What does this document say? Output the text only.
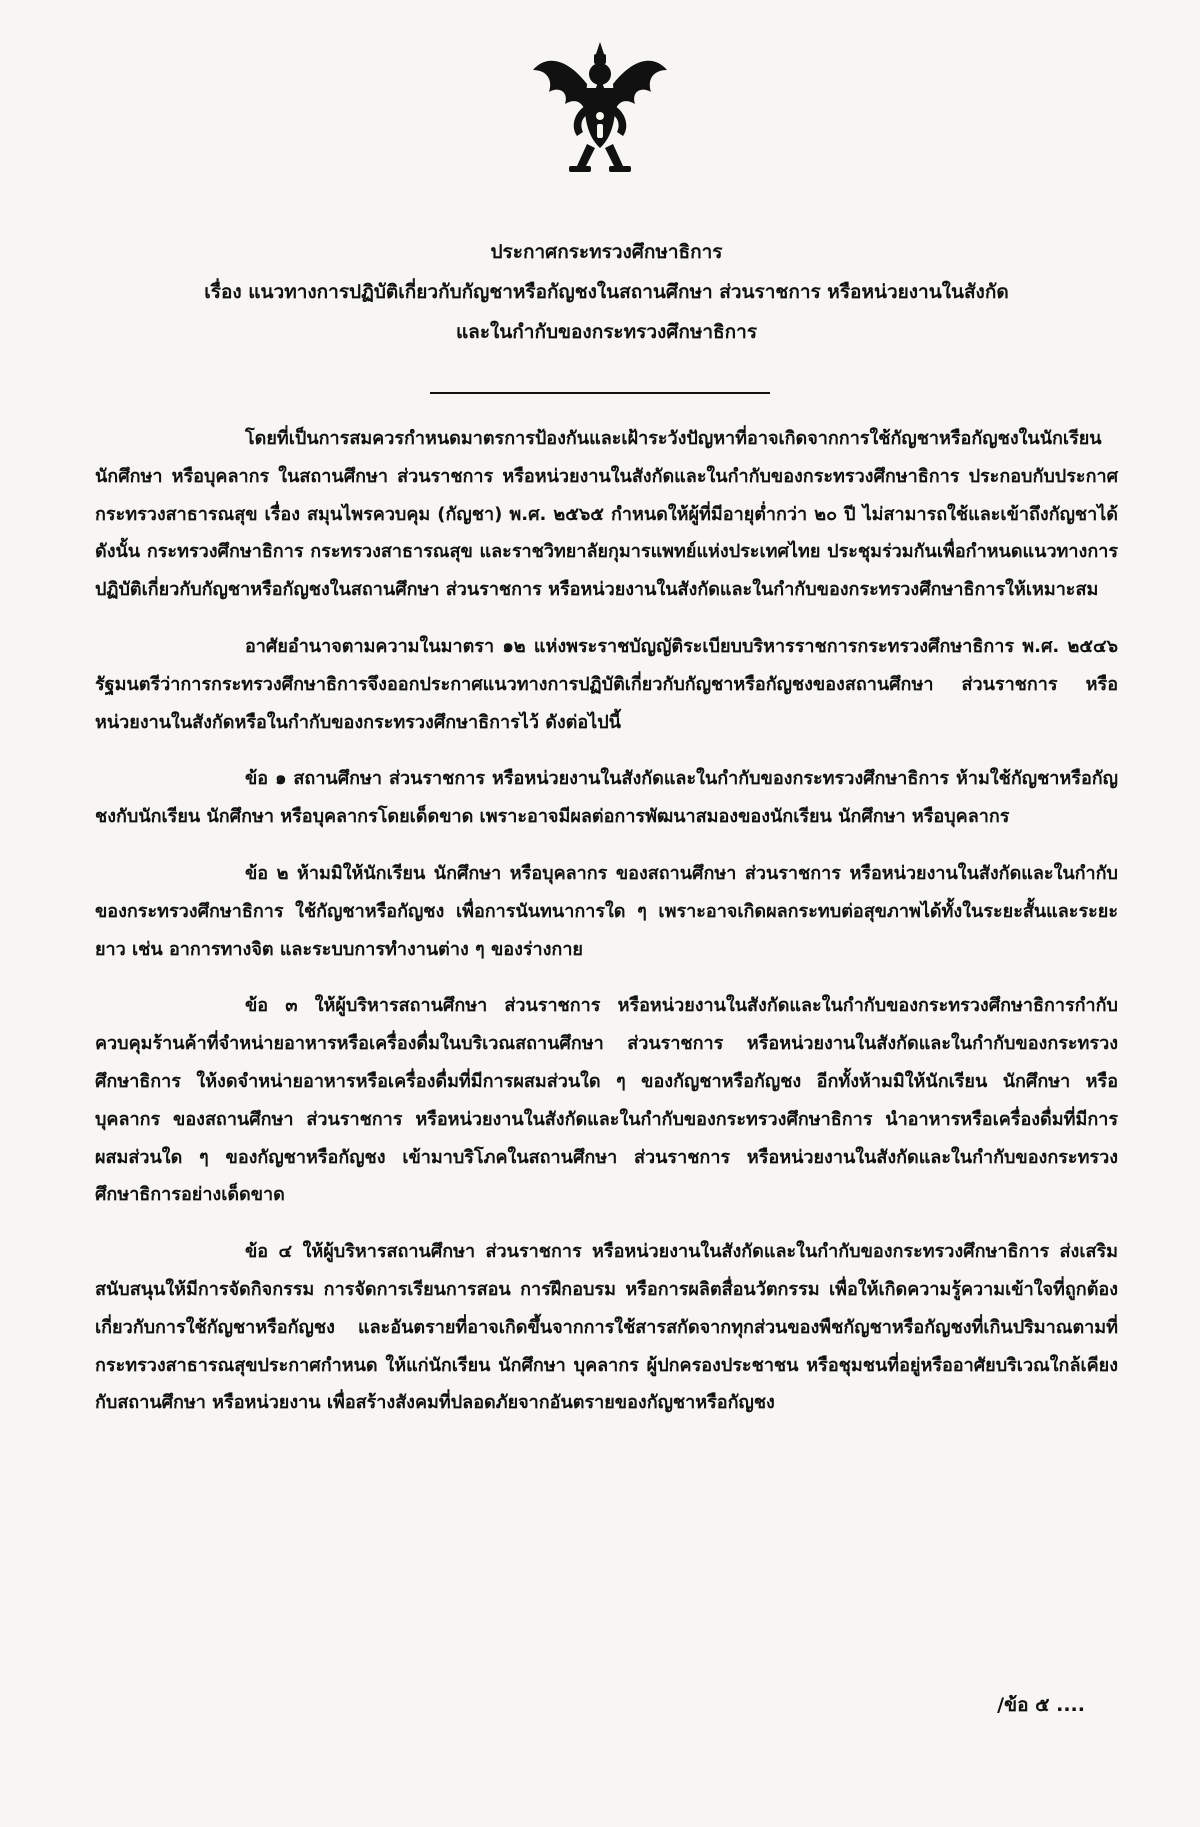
ประกาศกระทรวงศึกษาธิการ
เรื่อง แนวทางการปฏิบัติเกี่ยวกับกัญชาหรือกัญชงในสถานศึกษา ส่วนราชการ หรือหน่วยงานในสังกัด
และในกำกับของกระทรวงศึกษาธิการ

โดยที่เป็นการสมควรกำหนดมาตรการป้องกันและเฝ้าระวังปัญหาที่อาจเกิดจากการใช้กัญชาหรือกัญชงในนักเรียน นักศึกษา หรือบุคลากร ในสถานศึกษา ส่วนราชการ หรือหน่วยงานในสังกัดและในกำกับของกระทรวงศึกษาธิการ ประกอบกับประกาศกระทรวงสาธารณสุข เรื่อง สมุนไพรควบคุม (กัญชา) พ.ศ. ๒๕๖๕ กำหนดให้ผู้ที่มีอายุต่ำกว่า ๒๐ ปี ไม่สามารถใช้และเข้าถึงกัญชาได้ ดังนั้น กระทรวงศึกษาธิการ กระทรวงสาธารณสุข และราชวิทยาลัยกุมารแพทย์แห่งประเทศไทย ประชุมร่วมกันเพื่อกำหนดแนวทางการปฏิบัติเกี่ยวกับกัญชาหรือกัญชงในสถานศึกษา ส่วนราชการ หรือหน่วยงานในสังกัดและในกำกับของกระทรวงศึกษาธิการให้เหมาะสม

อาศัยอำนาจตามความในมาตรา ๑๒ แห่งพระราชบัญญัติระเบียบบริหารราชการกระทรวงศึกษาธิการ พ.ศ. ๒๕๔๖ รัฐมนตรีว่าการกระทรวงศึกษาธิการจึงออกประกาศแนวทางการปฏิบัติเกี่ยวกับกัญชาหรือกัญชงของสถานศึกษา ส่วนราชการ หรือหน่วยงานในสังกัดหรือในกำกับของกระทรวงศึกษาธิการไว้ ดังต่อไปนี้

ข้อ ๑ สถานศึกษา ส่วนราชการ หรือหน่วยงานในสังกัดและในกำกับของกระทรวงศึกษาธิการ ห้ามใช้กัญชาหรือกัญชงกับนักเรียน นักศึกษา หรือบุคลากรโดยเด็ดขาด เพราะอาจมีผลต่อการพัฒนาสมองของนักเรียน นักศึกษา หรือบุคลากร

ข้อ ๒ ห้ามมิให้นักเรียน นักศึกษา หรือบุคลากร ของสถานศึกษา ส่วนราชการ หรือหน่วยงานในสังกัดและในกำกับของกระทรวงศึกษาธิการ ใช้กัญชาหรือกัญชง เพื่อการนันทนาการใด ๆ เพราะอาจเกิดผลกระทบต่อสุขภาพได้ทั้งในระยะสั้นและระยะยาว เช่น อาการทางจิต และระบบการทำงานต่าง ๆ ของร่างกาย

ข้อ ๓ ให้ผู้บริหารสถานศึกษา ส่วนราชการ หรือหน่วยงานในสังกัดและในกำกับของกระทรวงศึกษาธิการกำกับควบคุมร้านค้าที่จำหน่ายอาหารหรือเครื่องดื่มในบริเวณสถานศึกษา ส่วนราชการ หรือหน่วยงานในสังกัดและในกำกับของกระทรวงศึกษาธิการ ให้งดจำหน่ายอาหารหรือเครื่องดื่มที่มีการผสมส่วนใด ๆ ของกัญชาหรือกัญชง อีกทั้งห้ามมิให้นักเรียน นักศึกษา หรือบุคลากร ของสถานศึกษา ส่วนราชการ หรือหน่วยงานในสังกัดและในกำกับของกระทรวงศึกษาธิการ นำอาหารหรือเครื่องดื่มที่มีการผสมส่วนใด ๆ ของกัญชาหรือกัญชง เข้ามาบริโภคในสถานศึกษา ส่วนราชการ หรือหน่วยงานในสังกัดและในกำกับของกระทรวงศึกษาธิการอย่างเด็ดขาด

ข้อ ๔ ให้ผู้บริหารสถานศึกษา ส่วนราชการ หรือหน่วยงานในสังกัดและในกำกับของกระทรวงศึกษาธิการ ส่งเสริม สนับสนุนให้มีการจัดกิจกรรม การจัดการเรียนการสอน การฝึกอบรม หรือการผลิตสื่อนวัตกรรม เพื่อให้เกิดความรู้ความเข้าใจที่ถูกต้องเกี่ยวกับการใช้กัญชาหรือกัญชง และอันตรายที่อาจเกิดขึ้นจากการใช้สารสกัดจากทุกส่วนของพืชกัญชาหรือกัญชงที่เกินปริมาณตามที่กระทรวงสาธารณสุขประกาศกำหนด ให้แก่นักเรียน นักศึกษา บุคลากร ผู้ปกครองประชาชน หรือชุมชนที่อยู่หรืออาศัยบริเวณใกล้เคียงกับสถานศึกษา หรือหน่วยงาน เพื่อสร้างสังคมที่ปลอดภัยจากอันตรายของกัญชาหรือกัญชง

/ข้อ ๕ ....
